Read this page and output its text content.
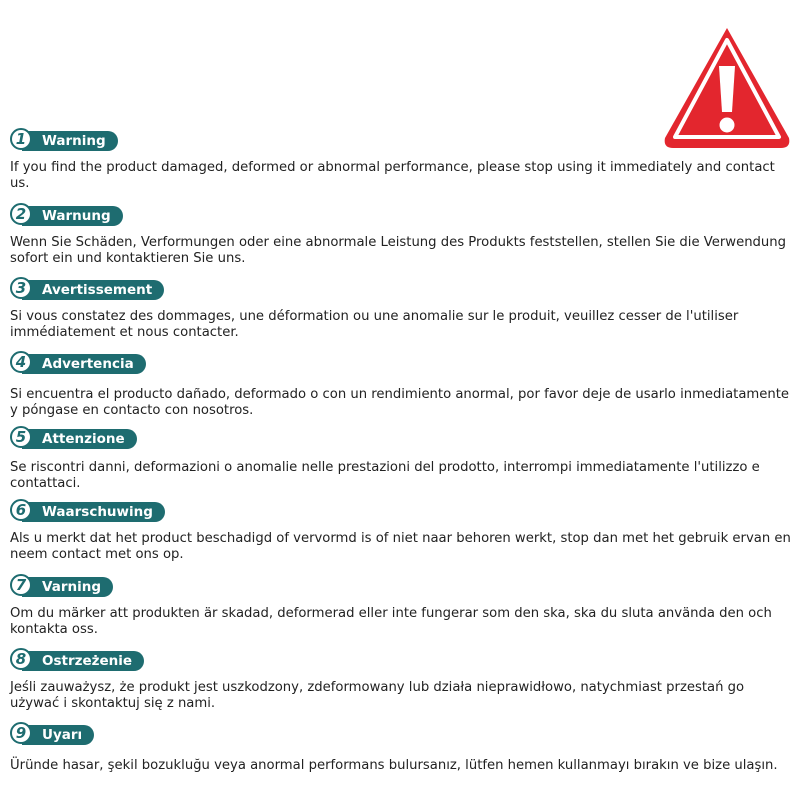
Warning
1

If you find the product damaged, deformed or abnormal performance, please stop using it immediately and contact us.

Warnung
2

Wenn Sie Schäden, Verformungen oder eine abnormale Leistung des Produkts feststellen, stellen Sie die Verwendung sofort ein und kontaktieren Sie uns.

Avertissement
3

Si vous constatez des dommages, une déformation ou une anomalie sur le produit, veuillez cesser de l'utiliser immédiatement et nous contacter.

Advertencia
4

Si encuentra el producto dañado, deformado o con un rendimiento anormal, por favor deje de usarlo inmediatamente y póngase en contacto con nosotros.

Attenzione
5

Se riscontri danni, deformazioni o anomalie nelle prestazioni del prodotto, interrompi immediatamente l'utilizzo e contattaci.

Waarschuwing
6

Als u merkt dat het product beschadigd of vervormd is of niet naar behoren werkt, stop dan met het gebruik ervan en neem contact met ons op.

Varning
7

Om du märker att produkten är skadad, deformerad eller inte fungerar som den ska, ska du sluta använda den och kontakta oss.

Ostrzeżenie
8

Jeśli zauważysz, że produkt jest uszkodzony, zdeformowany lub działa nieprawidłowo, natychmiast przestań go używać i skontaktuj się z nami.

Uyarı
9

Üründe hasar, şekil bozukluğu veya anormal performans bulursanız, lütfen hemen kullanmayı bırakın ve bize ulaşın.
